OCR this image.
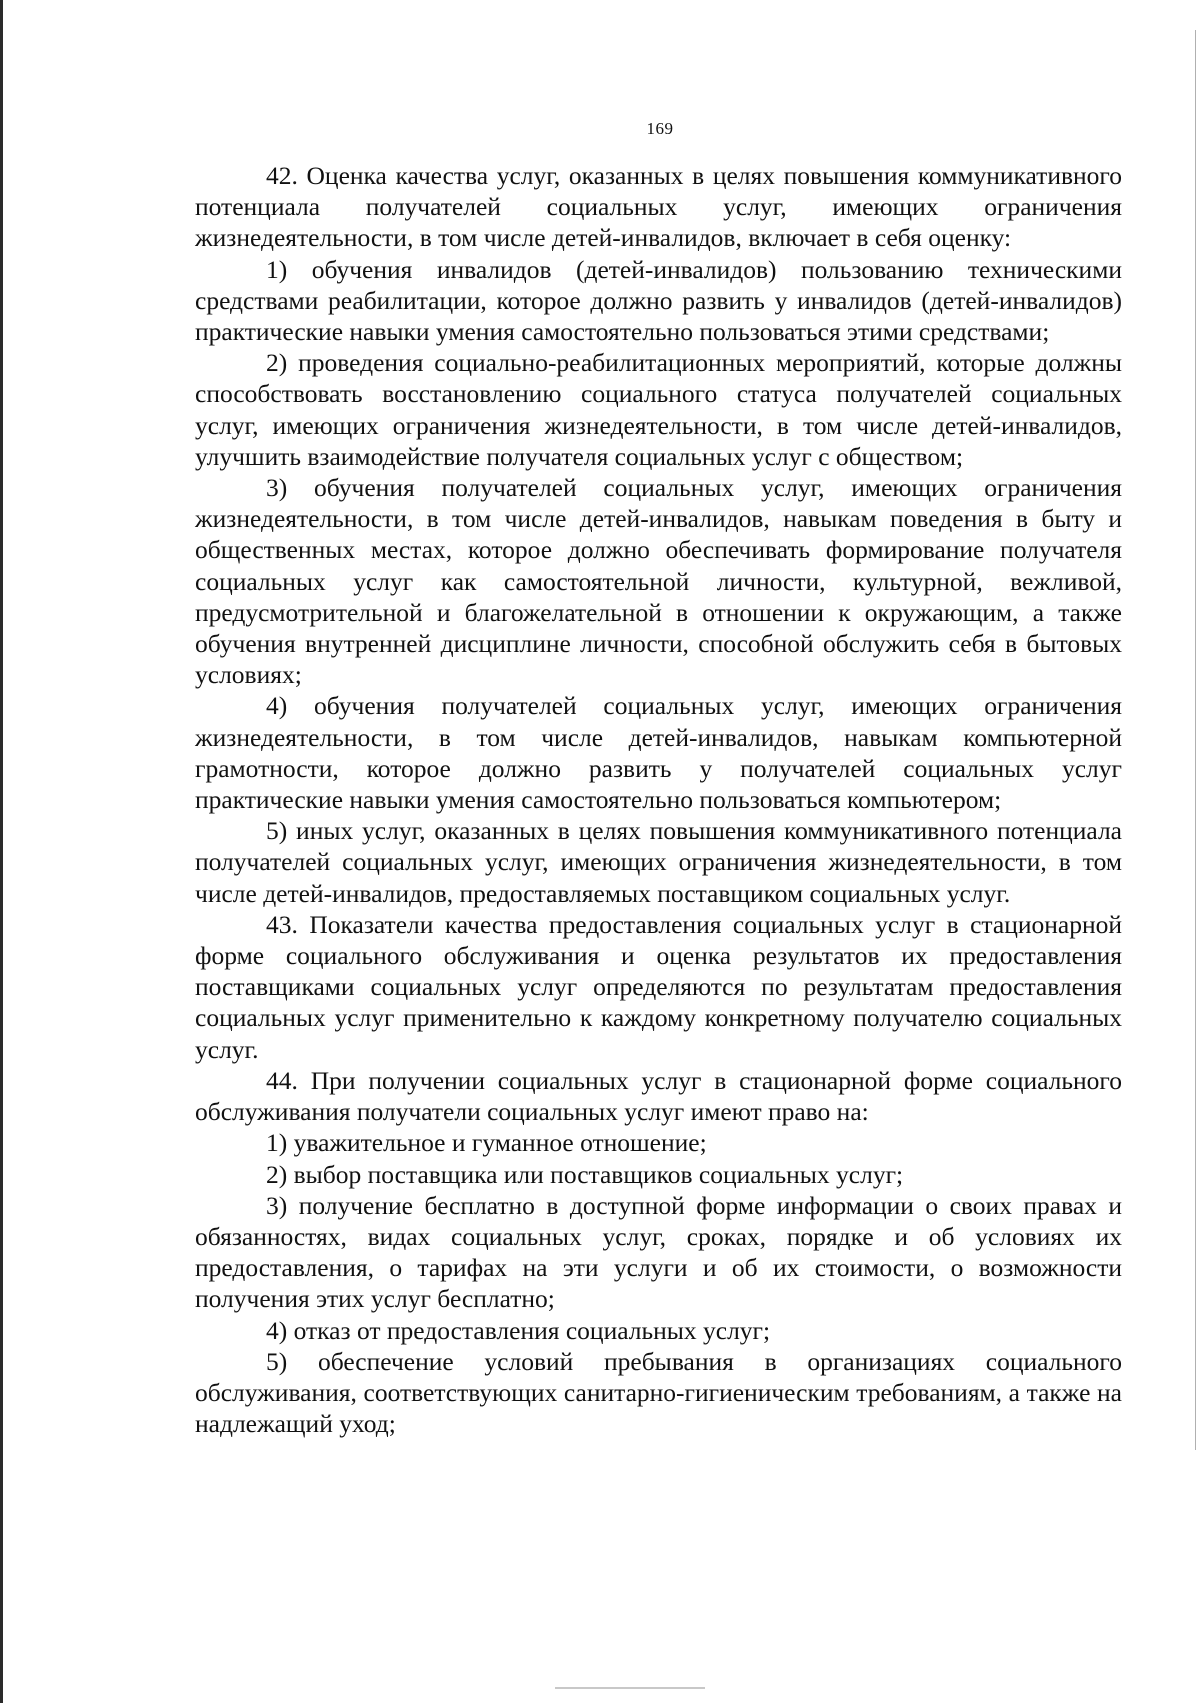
169

42. Оценка качества услуг, оказанных в целях повышения коммуникативного потенциала получателей социальных услуг, имеющих ограничения жизнедеятельности, в том числе детей-инвалидов, включает в себя оценку:

1) обучения инвалидов (детей-инвалидов) пользованию техническими средствами реабилитации, которое должно развить у инвалидов (детей-инвалидов) практические навыки умения самостоятельно пользоваться этими средствами;

2) проведения социально-реабилитационных мероприятий, которые должны способствовать восстановлению социального статуса получателей социальных услуг, имеющих ограничения жизнедеятельности, в том числе детей-инвалидов, улучшить взаимодействие получателя социальных услуг с обществом;

3) обучения получателей социальных услуг, имеющих ограничения жизнедеятельности, в том числе детей-инвалидов, навыкам поведения в быту и общественных местах, которое должно обеспечивать формирование получателя социальных услуг как самостоятельной личности, культурной, вежливой, предусмотрительной и благожелательной в отношении к окружающим, а также обучения внутренней дисциплине личности, способной обслужить себя в бытовых условиях;

4) обучения получателей социальных услуг, имеющих ограничения жизнедеятельности, в том числе детей-инвалидов, навыкам компьютерной грамотности, которое должно развить у получателей социальных услуг практические навыки умения самостоятельно пользоваться компьютером;

5) иных услуг, оказанных в целях повышения коммуникативного потенциала получателей социальных услуг, имеющих ограничения жизнедеятельности, в том числе детей-инвалидов, предоставляемых поставщиком социальных услуг.

43. Показатели качества предоставления социальных услуг в стационарной форме социального обслуживания и оценка результатов их предоставления поставщиками социальных услуг определяются по результатам предоставления социальных услуг применительно к каждому конкретному получателю социальных услуг.

44. При получении социальных услуг в стационарной форме социального обслуживания получатели социальных услуг имеют право на:

1) уважительное и гуманное отношение;

2) выбор поставщика или поставщиков социальных услуг;

3) получение бесплатно в доступной форме информации о своих правах и обязанностях, видах социальных услуг, сроках, порядке и об условиях их предоставления, о тарифах на эти услуги и об их стоимости, о возможности получения этих услуг бесплатно;

4) отказ от предоставления социальных услуг;

5) обеспечение условий пребывания в организациях социального обслуживания, соответствующих санитарно-гигиеническим требованиям, а также на надлежащий уход;
